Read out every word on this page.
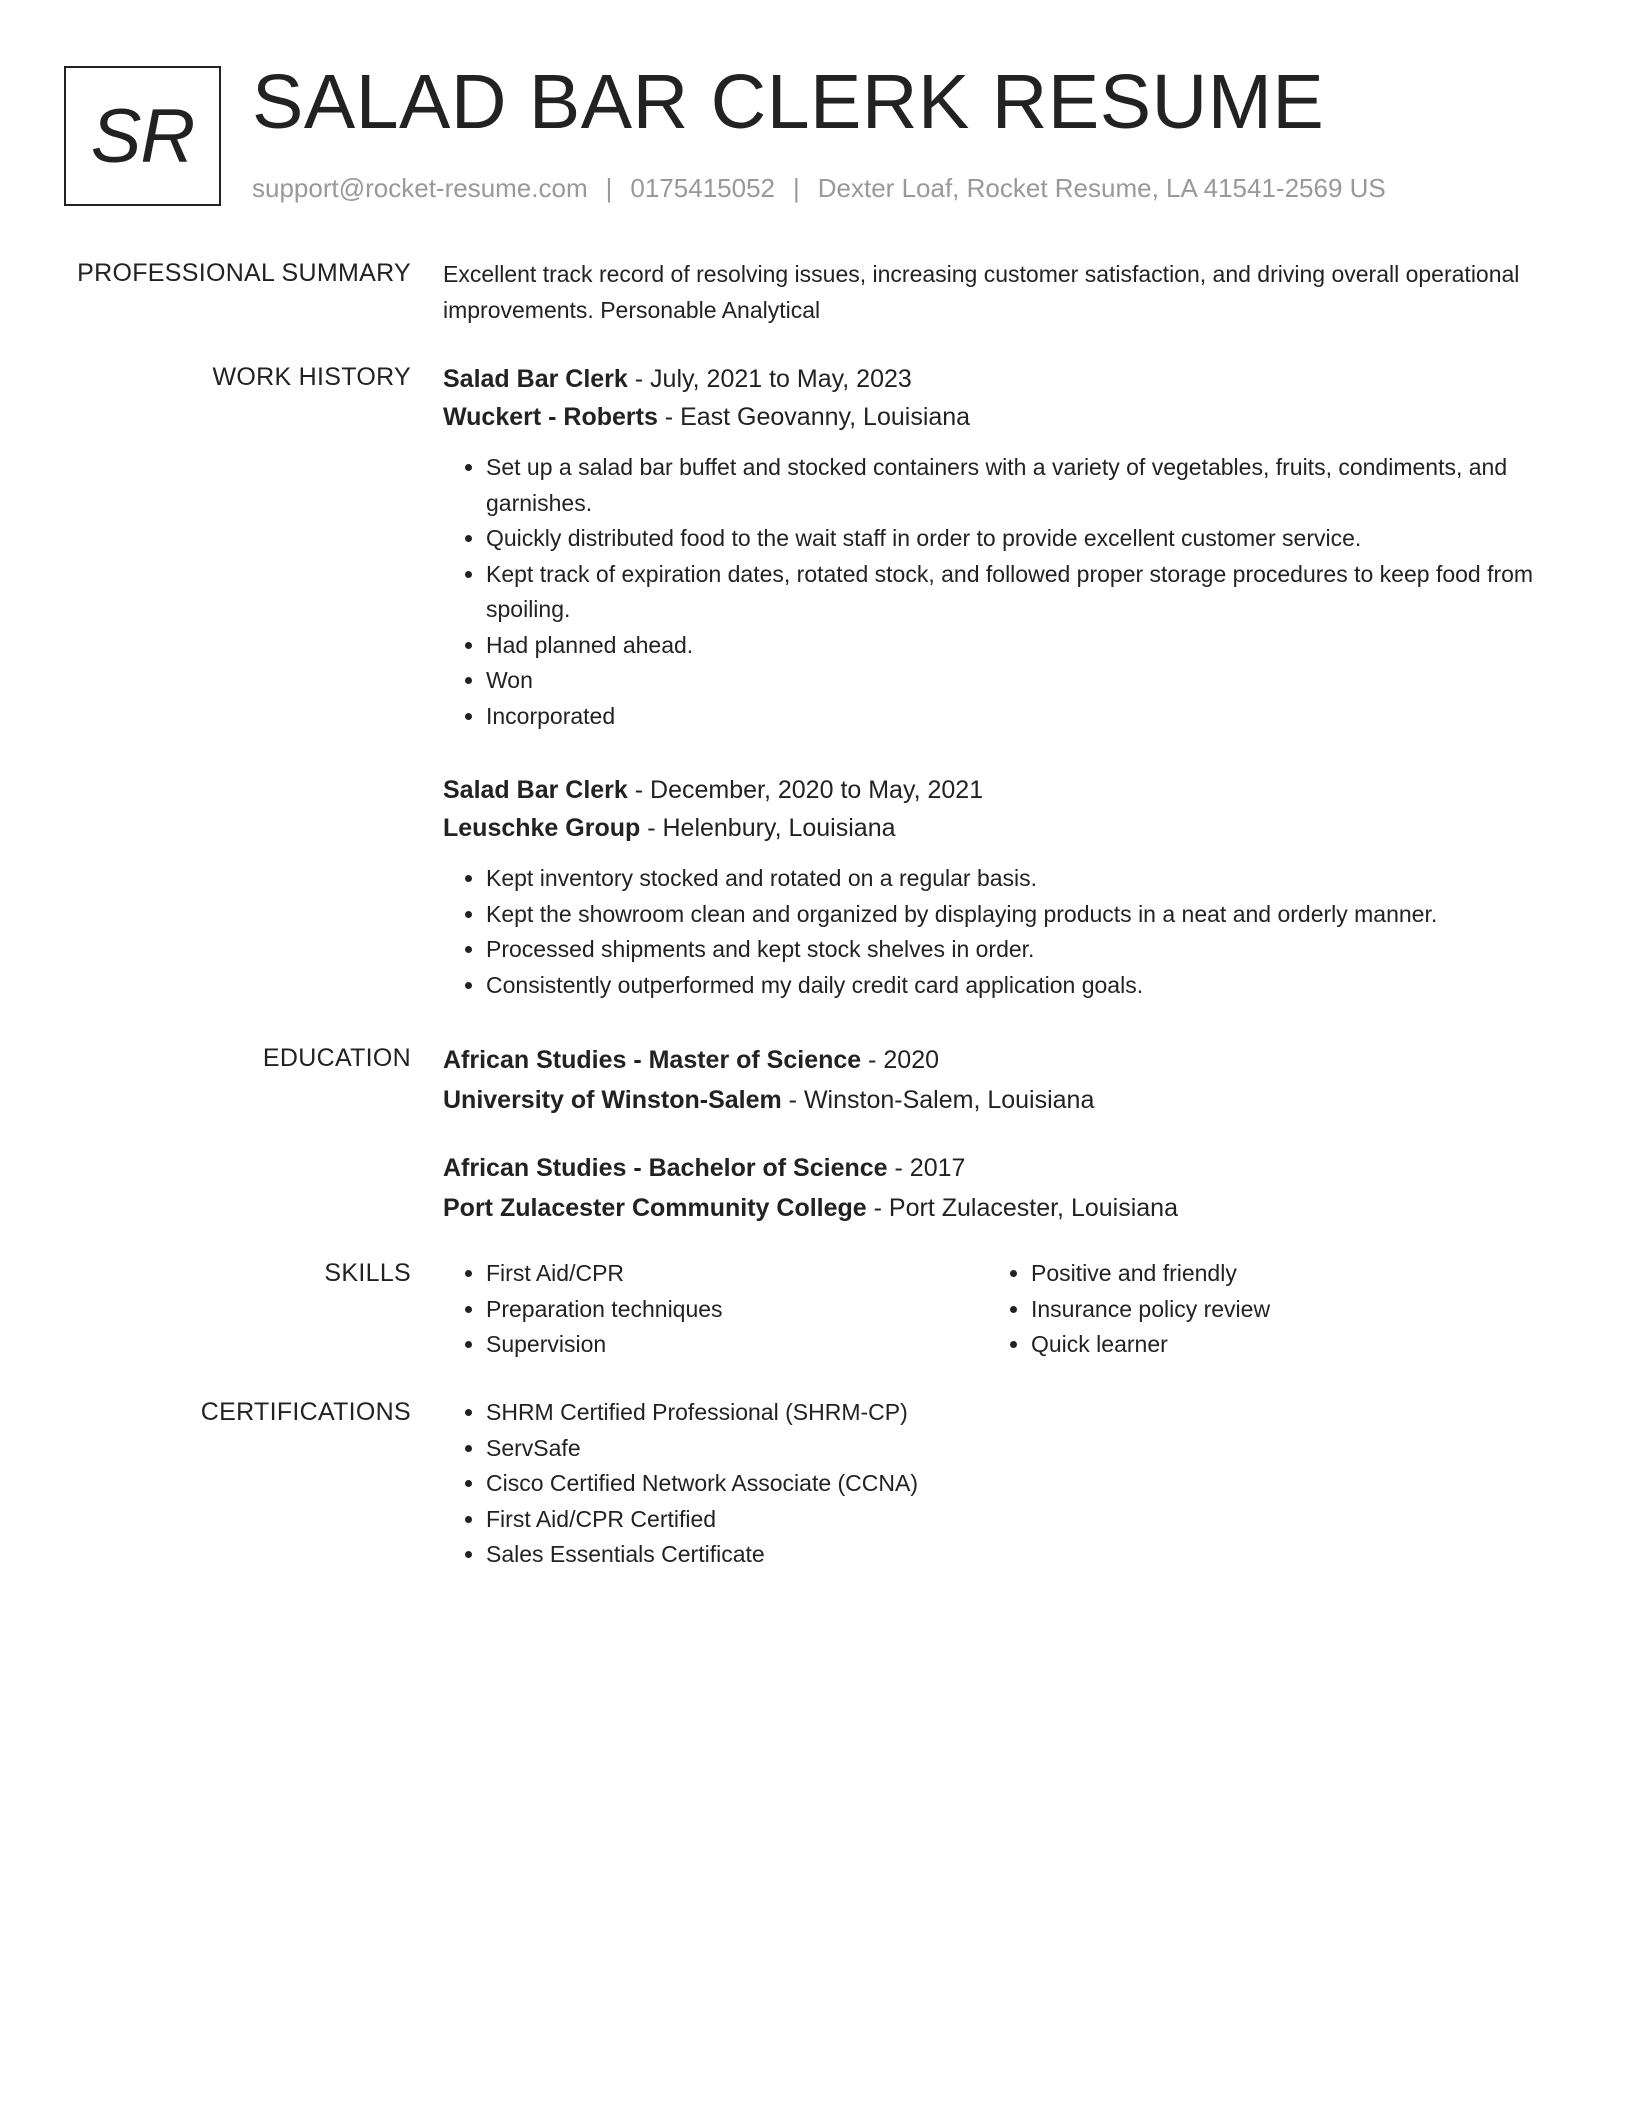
SR SALAD BAR CLERK RESUME
support@rocket-resume.com | 0175415052 | Dexter Loaf, Rocket Resume, LA 41541-2569 US
PROFESSIONAL SUMMARY Excellent track record of resolving issues, increasing customer satisfaction, and driving overall operational improvements. Personable Analytical

WORK HISTORY Salad Bar Clerk - July, 2021 to May, 2023
Wuckert - Roberts - East Geovanny, Louisiana
• Set up a salad bar buffet and stocked containers with a variety of vegetables, fruits, condiments, and garnishes.
• Quickly distributed food to the wait staff in order to provide excellent customer service.
• Kept track of expiration dates, rotated stock, and followed proper storage procedures to keep food from spoiling.
• Had planned ahead.
• Won
• Incorporated
Salad Bar Clerk - December, 2020 to May, 2021
Leuschke Group - Helenbury, Louisiana
• Kept inventory stocked and rotated on a regular basis.
• Kept the showroom clean and organized by displaying products in a neat and orderly manner.
• Processed shipments and kept stock shelves in order.
• Consistently outperformed my daily credit card application goals.
EDUCATION African Studies - Master of Science - 2020
University of Winston-Salem - Winston-Salem, Louisiana
African Studies - Bachelor of Science - 2017
Port Zulacester Community College - Port Zulacester, Louisiana
SKILLS	• First Aid/CPR
• Preparation techniques
• Supervision
• Positive and friendly
• Insurance policy review
• Quick learner
CERTIFICATIONS	• SHRM Certified Professional (SHRM-CP)
• ServSafe
• Cisco Certified Network Associate (CCNA)
• First Aid/CPR Certified
• Sales Essentials Certificate
